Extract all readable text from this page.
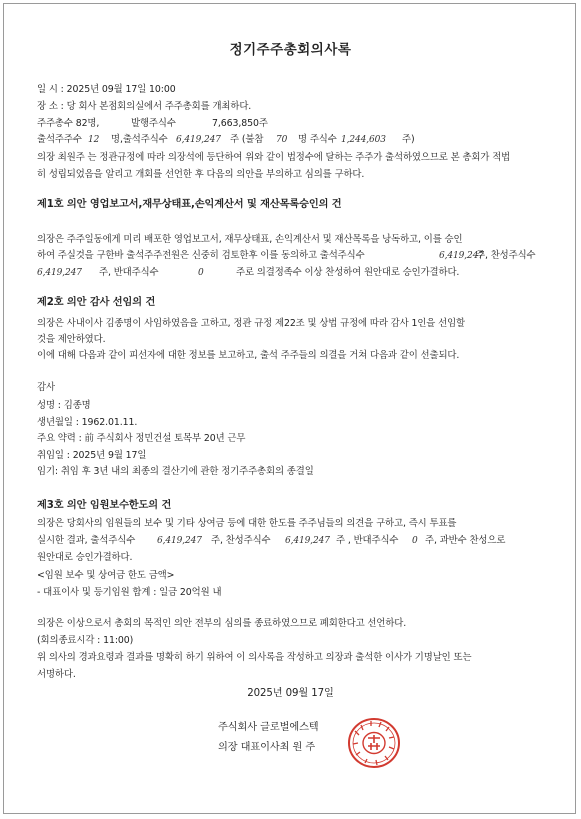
정기주주총회의사록
일 시 : 2025년 09월 17일 10:00
장 소 : 당 회사 본점회의실에서 주주총회를 개최하다.
주주총수 82명,	발행주식수	7,663,850주
출석주주수 12 명,출석주식수 6,419,247 주 (불참 70 명 주식수 1,244,603 주)
의장 최원주 는 정관규정에 따라 의장석에 등단하여 위와 같이 법정수에 달하는 주주가 출석하였으므로 본 총회가 적법
히 성립되었음을 알리고 개회를 선언한 후 다음의 의안을 부의하고 심의를 구하다.
제1호 의안 영업보고서,재무상태표,손익계산서 및 재산목록승인의 건
의장은 주주일동에게 미리 배포한 영업보고서, 재무상태표, 손익계산서 및 재산목록을 낭독하고, 이를 승인
하여 주실것을 구한바 출석주주전원은 신중히 검토한후 이를 동의하고 출석주식수	6,419,247
주, 찬성주식수
6,419,247 주, 반대주식수	0	주로 의결정족수 이상 찬성하여 원안대로 승인가결하다.
제2호 의안 감사 선임의 건
의장은 사내이사 김종명이 사임하였음을 고하고, 정관 규정 제22조 및 상법 규정에 따라 감사 1인을 선임할
것을 제안하였다.
이에 대해 다음과 같이 피선자에 대한 정보를 보고하고, 출석 주주들의 의결을 거쳐 다음과 같이 선출되다.
감사
성명 : 김종명
생년월일 : 1962.01.11.
주요 약력 : 前 주식회사 정민건설 토목부 20년 근무
취임일 : 2025년 9월 17일
임기: 취임 후 3년 내의 최종의 결산기에 관한 정기주주총회의 종결일
제3호 의안 임원보수한도의 건
의장은 당회사의 임원들의 보수 및 기타 상여금 등에 대한 한도를 주주님들의 의견을 구하고, 즉시 투표를
실시한 결과, 출석주식수 6,419,247 주, 찬성주식수 6,419,247 주 , 반대주식수 0 주, 과반수 찬성으로
원안대로 승인가결하다.
<임원 보수 및 상여금 한도 금액>
- 대표이사 및 등기임원 합계 : 일금 20억원 내
의장은 이상으로서 총회의 목적인 의안 전부의 심의를 종료하였으므로 폐회한다고 선언하다.
(회의종료시각 : 11:00)
위 의사의 경과요령과 결과를 명확히 하기 위하여 이 의사록을 작성하고 의장과 출석한 이사가 기명날인 또는
서명하다.
2025년 09월 17일
주식회사 글로벌에스텍
의장 대표이사최 원 주
